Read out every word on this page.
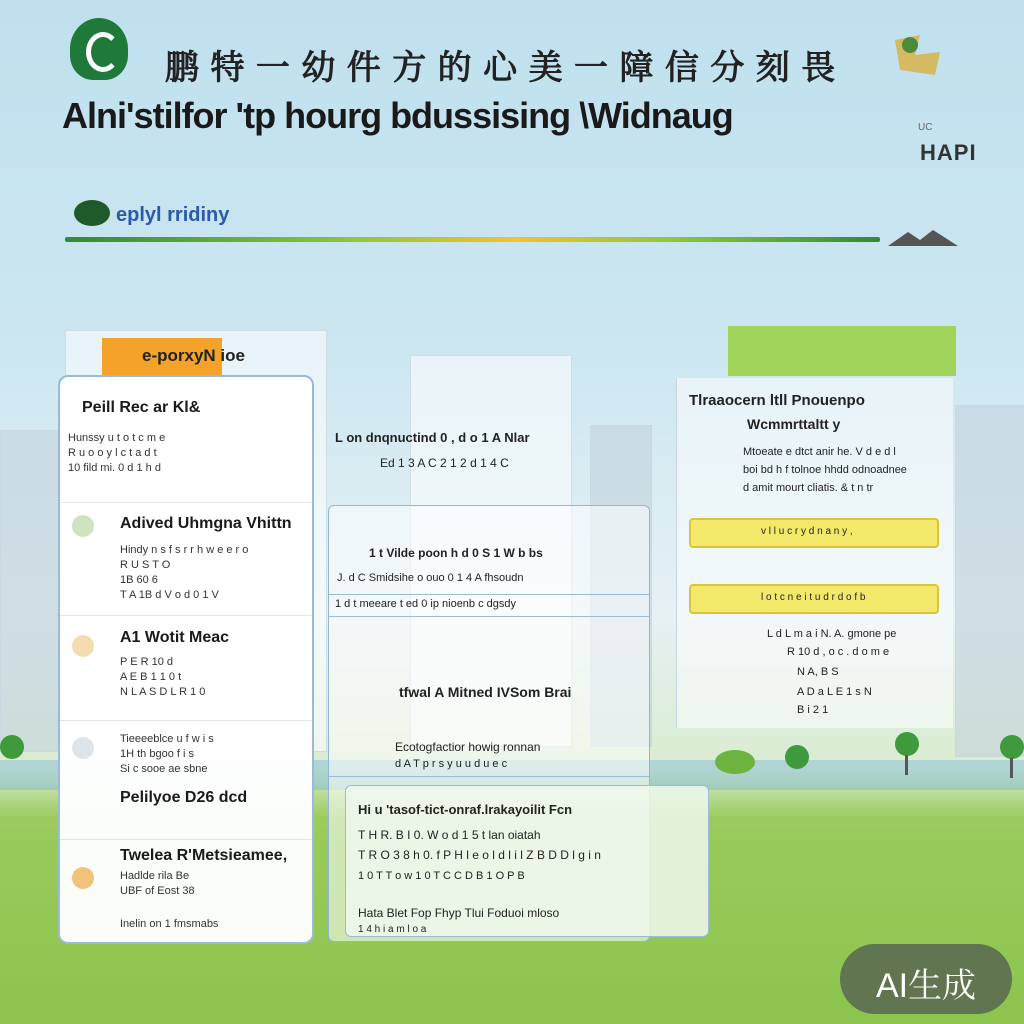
鹏 特 一 幼 件 方 的 心 美 一 障 信 分 刻 畏
Alni'stilfor 'tp hourg bdussising \Widnaug	UC
HAPI
eplyl rridiny
e-porxyN ioe
Peill Rec ar Kl&
Hunssy u t o t c m e
R u o o y l c t a d t
10 fild mi. 0 d 1 h d
Adived Uhmgna Vhittn
Hindy n s f s r r h w e e r o
R U S T O
1B 60 6
T A 1B d V o d 0 1 V
A1 Wotit Meac
P E R 10 d
A E B 1 1 0 t
N L A S D L R 1 0
Tieeeeblce u f w i s
1H th bgoo f i s
Si c sooe ae sbne
Pelilyoe D26 dcd
Twelea R'Metsieamee,
Hadlde rila Be
UBF of Eost 38
Inelin on 1 fmsmabs
L on dnqnuctind 0 , d o 1 A Nlar
Ed 1 3 A C 2 1 2 d 1 4 C
1 t Vilde poon h d 0 S 1 W b bs
J. d C Smidsihe o ouo 0 1 4 A fhsoudn
1 d t meeare t ed 0 ip nioenb c dgsdy
tfwal A Mitned IVSom Brai
Ecotogfactior howig ronnan
d A T p r s y u u d u e c
Hi u 'tasof-tict-onraf.lrakayoilit Fcn
T H R. B I 0. W o d 1 5 t lan oiatah
T R O 3 8 h 0. f P H l e o l d l i l Z B D D l g i n
1 0 T T o w 1 0 T C C D B 1 O P B
Hata Blet Fop Fhyp Tlui Foduoi mloso
1 4 h i a m l o a
Tlraaocern ltll Pnouenpo
Wcmmrttaltt y
Mtoeate e dtct anir he. V d e d l
boi bd h f tolnoe hhdd odnoadnee
d amit mourt cliatis. & t n tr
v l l u c r y d n a n y ,
l o t c n e i t u d r d o f b
L d L m a i N. A. gmone pe
R 10 d , o c . d o m e
N A, B S
A D a L E 1 s N
B i 2 1
AI生成
